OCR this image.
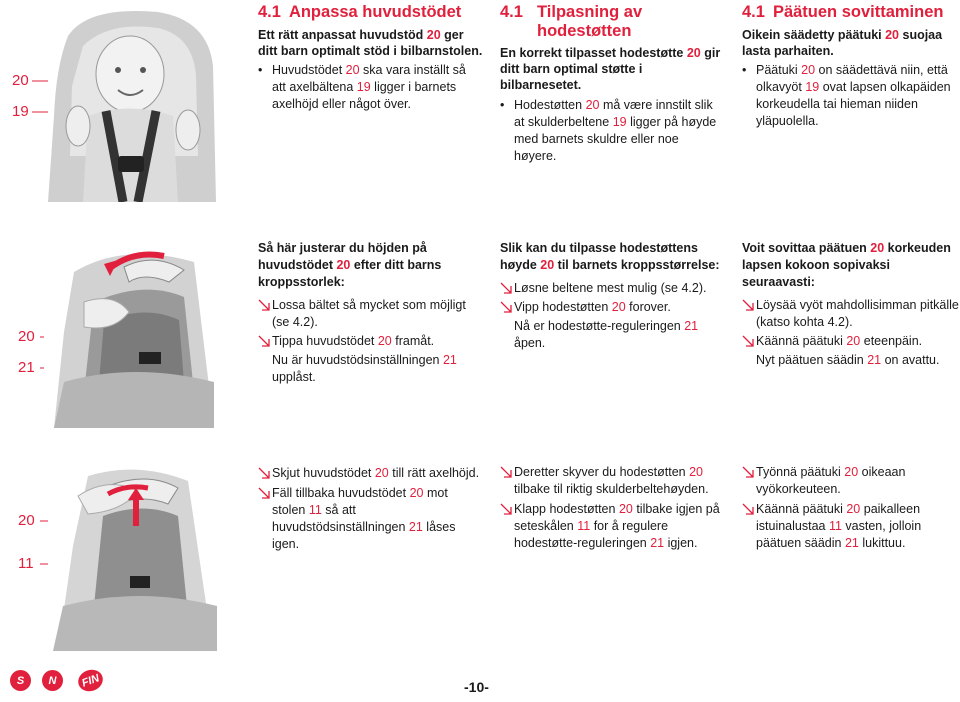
20
19
4.1 Anpassa huvudstödet
Ett rätt anpassat huvudstöd 20 ger ditt barn optimalt stöd i bilbarnstolen.
• Huvudstödet 20 ska vara inställt så att axelbältena 19 ligger i barnets axelhöjd eller något över.
4.1 Tilpasning av hodestøtten
En korrekt tilpasset hodestøtte 20 gir ditt barn optimal støtte i bilbarnesetet.
• Hodestøtten 20 må være innstilt slik at skulderbeltene 19 ligger på høyde med barnets skuldre eller noe høyere.
4.1 Päätuen sovittaminen
Oikein säädetty päätuki 20 suojaa lasta parhaiten.
• Päätuki 20 on säädettävä niin, että olkavyöt 19 ovat lapsen olkapäiden korkeudella tai hieman niiden yläpuolella.
20
21
Så här justerar du höjden på huvudstödet 20 efter ditt barns kroppsstorlek:
Lossa bältet så mycket som möjligt (se 4.2).
Tippa huvudstödet 20 framåt.
Nu är huvudstödsinställningen 21 upplåst.
Slik kan du tilpasse hodestøttens høyde 20 til barnets kroppsstørrelse:
Løsne beltene mest mulig (se 4.2).
Vipp hodestøtten 20 forover.
Nå er hodestøtte-reguleringen 21 åpen.
Voit sovittaa päätuen 20 korkeuden lapsen kokoon sopivaksi seuraavasti:
Löysää vyöt mahdollisimman pitkälle (katso kohta 4.2).
Käännä päätuki 20 eteenpäin.
Nyt päätuen säädin 21 on avattu.
20
11
Skjut huvudstödet 20 till rätt axelhöjd.
Fäll tillbaka huvudstödet 20 mot stolen 11 så att huvudstödsinställningen 21 låses igen.
Deretter skyver du hodestøtten 20 tilbake til riktig skulderbeltehøyden.
Klapp hodestøtten 20 tilbake igjen på seteskålen 11 for å regulere hodestøtte-reguleringen 21 igjen.
Työnnä päätuki 20 oikeaan vyökorkeuteen.
Käännä päätuki 20 paikalleen istuinalustaa 11 vasten, jolloin päätuen säädin 21 lukittuu.
S	N	FIN	-10-
